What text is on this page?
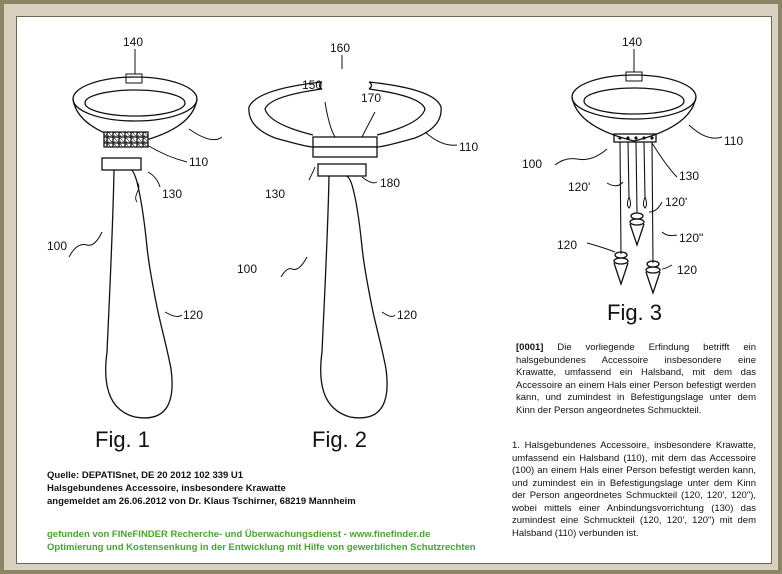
140
110
130
100
120
Fig. 1
160
150
170
110
130
180
100
120
Fig. 2
140
110
100
130
120'
120'
120"
120
120
Fig. 3
Quelle: DEPATISnet, DE 20 2012 102 339 U1
Halsgebundenes Accessoire, insbesondere Krawatte
angemeldet am 26.06.2012 von Dr. Klaus Tschirner, 68219 Mannheim
gefunden von FINeFINDER Recherche- und Überwachungsdienst - www.finefinder.de
Optimierung und Kostensenkung in der Entwicklung mit Hilfe von gewerblichen Schutzrechten
[0001] Die vorliegende Erfindung betrifft ein halsgebundenes Accessoire insbesondere eine Krawatte, umfassend ein Halsband, mit dem das Accessoire an einem Hals einer Person befestigt werden kann, und zumindest in Befestigungslage unter dem Kinn der Person angeordnetes Schmuckteil.
1. Halsgebundenes Accessoire, insbesondere Krawatte, umfassend ein Halsband (110), mit dem das Accessoire (100) an einem Hals einer Person befestigt werden kann, und zumindest ein in Befestigungslage unter dem Kinn der Person angeordnetes Schmuckteil (120, 120', 120"), wobei mittels einer Anbindungsvorrichtung (130) das zumindest eine Schmuckteil (120, 120', 120") mit dem Halsband (110) verbunden ist.
